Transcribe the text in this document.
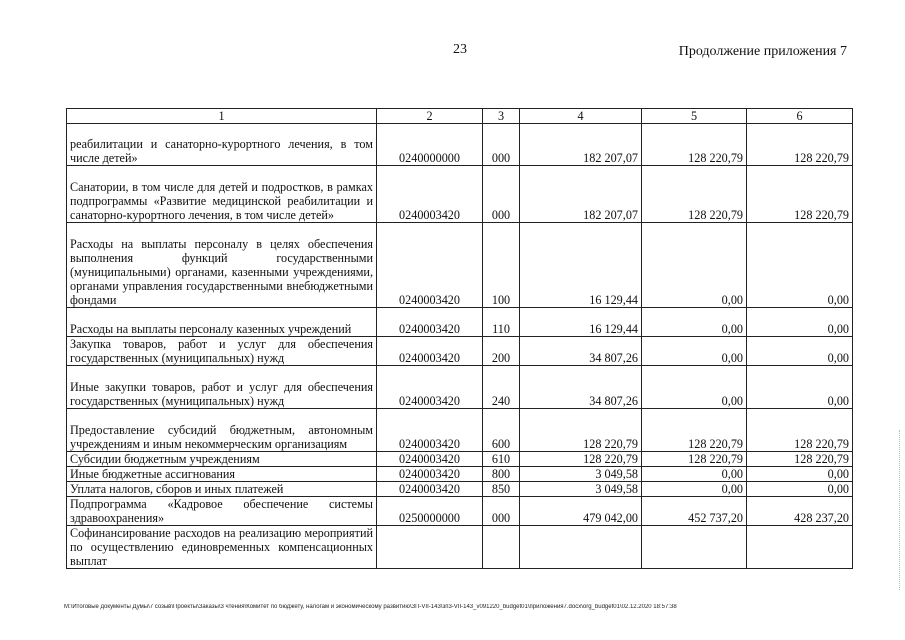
23	Продолжение приложения 7
1	2	3	4	5	6
реабилитации и санаторно-курортного лечения, в том числе детей»	0240000000	000	182 207,07	128 220,79	128 220,79
Санатории, в том числе для детей и подростков, в рамках подпрограммы «Развитие медицинской реабилитации и санаторно-курортного лечения, в том числе детей»	0240003420	000	182 207,07	128 220,79	128 220,79
Расходы на выплаты персоналу в целях обеспечения выполнения функций государственными (муниципальными) органами, казенными учреждениями, органами управления государственными внебюджетными фондами	0240003420	100	16 129,44	0,00	0,00
Расходы на выплаты персоналу казенных учреждений	0240003420	110	16 129,44	0,00	0,00
Закупка товаров, работ и услуг для обеспечения государственных (муниципальных) нужд	0240003420	200	34 807,26	0,00	0,00
Иные закупки товаров, работ и услуг для обеспечения государственных (муниципальных) нужд	0240003420	240	34 807,26	0,00	0,00
Предоставление субсидий бюджетным, автономным учреждениям и иным некоммерческим организациям	0240003420	600	128 220,79	128 220,79	128 220,79
Субсидии бюджетным учреждениям	0240003420	610	128 220,79	128 220,79	128 220,79
Иные бюджетные ассигнования	0240003420	800	3 049,58	0,00	0,00
Уплата налогов, сборов и иных платежей	0240003420	850	3 049,58	0,00	0,00
Подпрограмма «Кадровое обеспечение системы здравоохранения»	0250000000	000	479 042,00	452 737,20	428 237,20
Софинансирование расходов на реализацию мероприятий по осуществлению единовременных компенсационных выплат					
M:\Итоговые документы Думы\7 созыв\Проекты\Заказы\3 чтения\Комитет по бюджету, налогам и экономическому развитию\ЗП-VII-143\зп3-VII-143_v091220_budget01\приложения7.docx\org_budget01\02.12.2020 18:57:38
